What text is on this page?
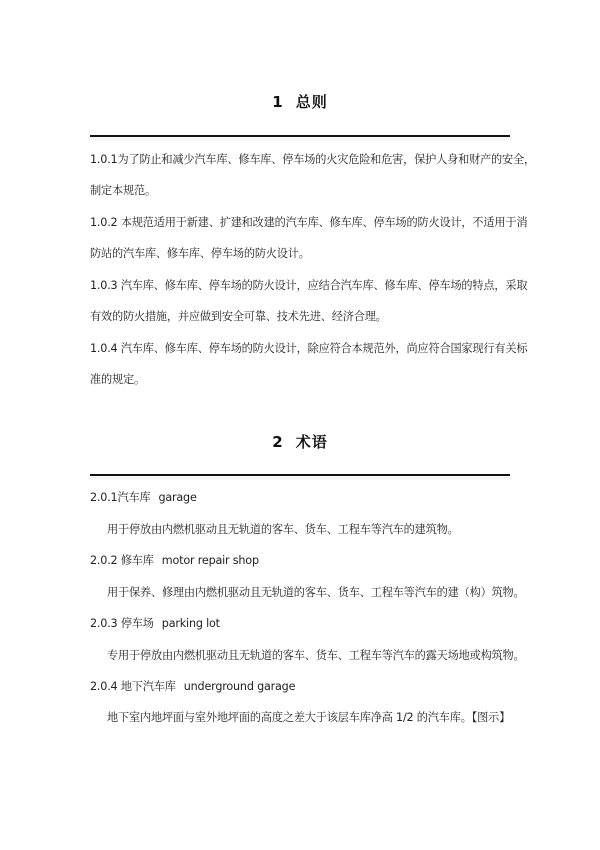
1 总则
1.0.1为了防止和减少汽车库、修车库、停车场的火灾危险和危害，保护人身和财产的安全，
制定本规范。
1.0.2 本规范适用于新建、扩建和改建的汽车库、修车库、停车场的防火设计，不适用于消
防站的汽车库、修车库、停车场的防火设计。
1.0.3 汽车库、修车库、停车场的防火设计，应结合汽车库、修车库、停车场的特点，采取
有效的防火措施，并应做到安全可靠、技术先进、经济合理。
1.0.4 汽车库、修车库、停车场的防火设计，除应符合本规范外，尚应符合国家现行有关标
准的规定。
2 术语
2.0.1汽车库 garage
用于停放由内燃机驱动且无轨道的客车、货车、工程车等汽车的建筑物。
2.0.2 修车库 motor repair shop
用于保养、修理由内燃机驱动且无轨道的客车、货车、工程车等汽车的建（构）筑物。
2.0.3 停车场 parking lot
专用于停放由内燃机驱动且无轨道的客车、货车、工程车等汽车的露天场地或构筑物。
2.0.4 地下汽车库 underground garage
地下室内地坪面与室外地坪面的高度之差大于该层车库净高 1/2 的汽车库。【图示】
